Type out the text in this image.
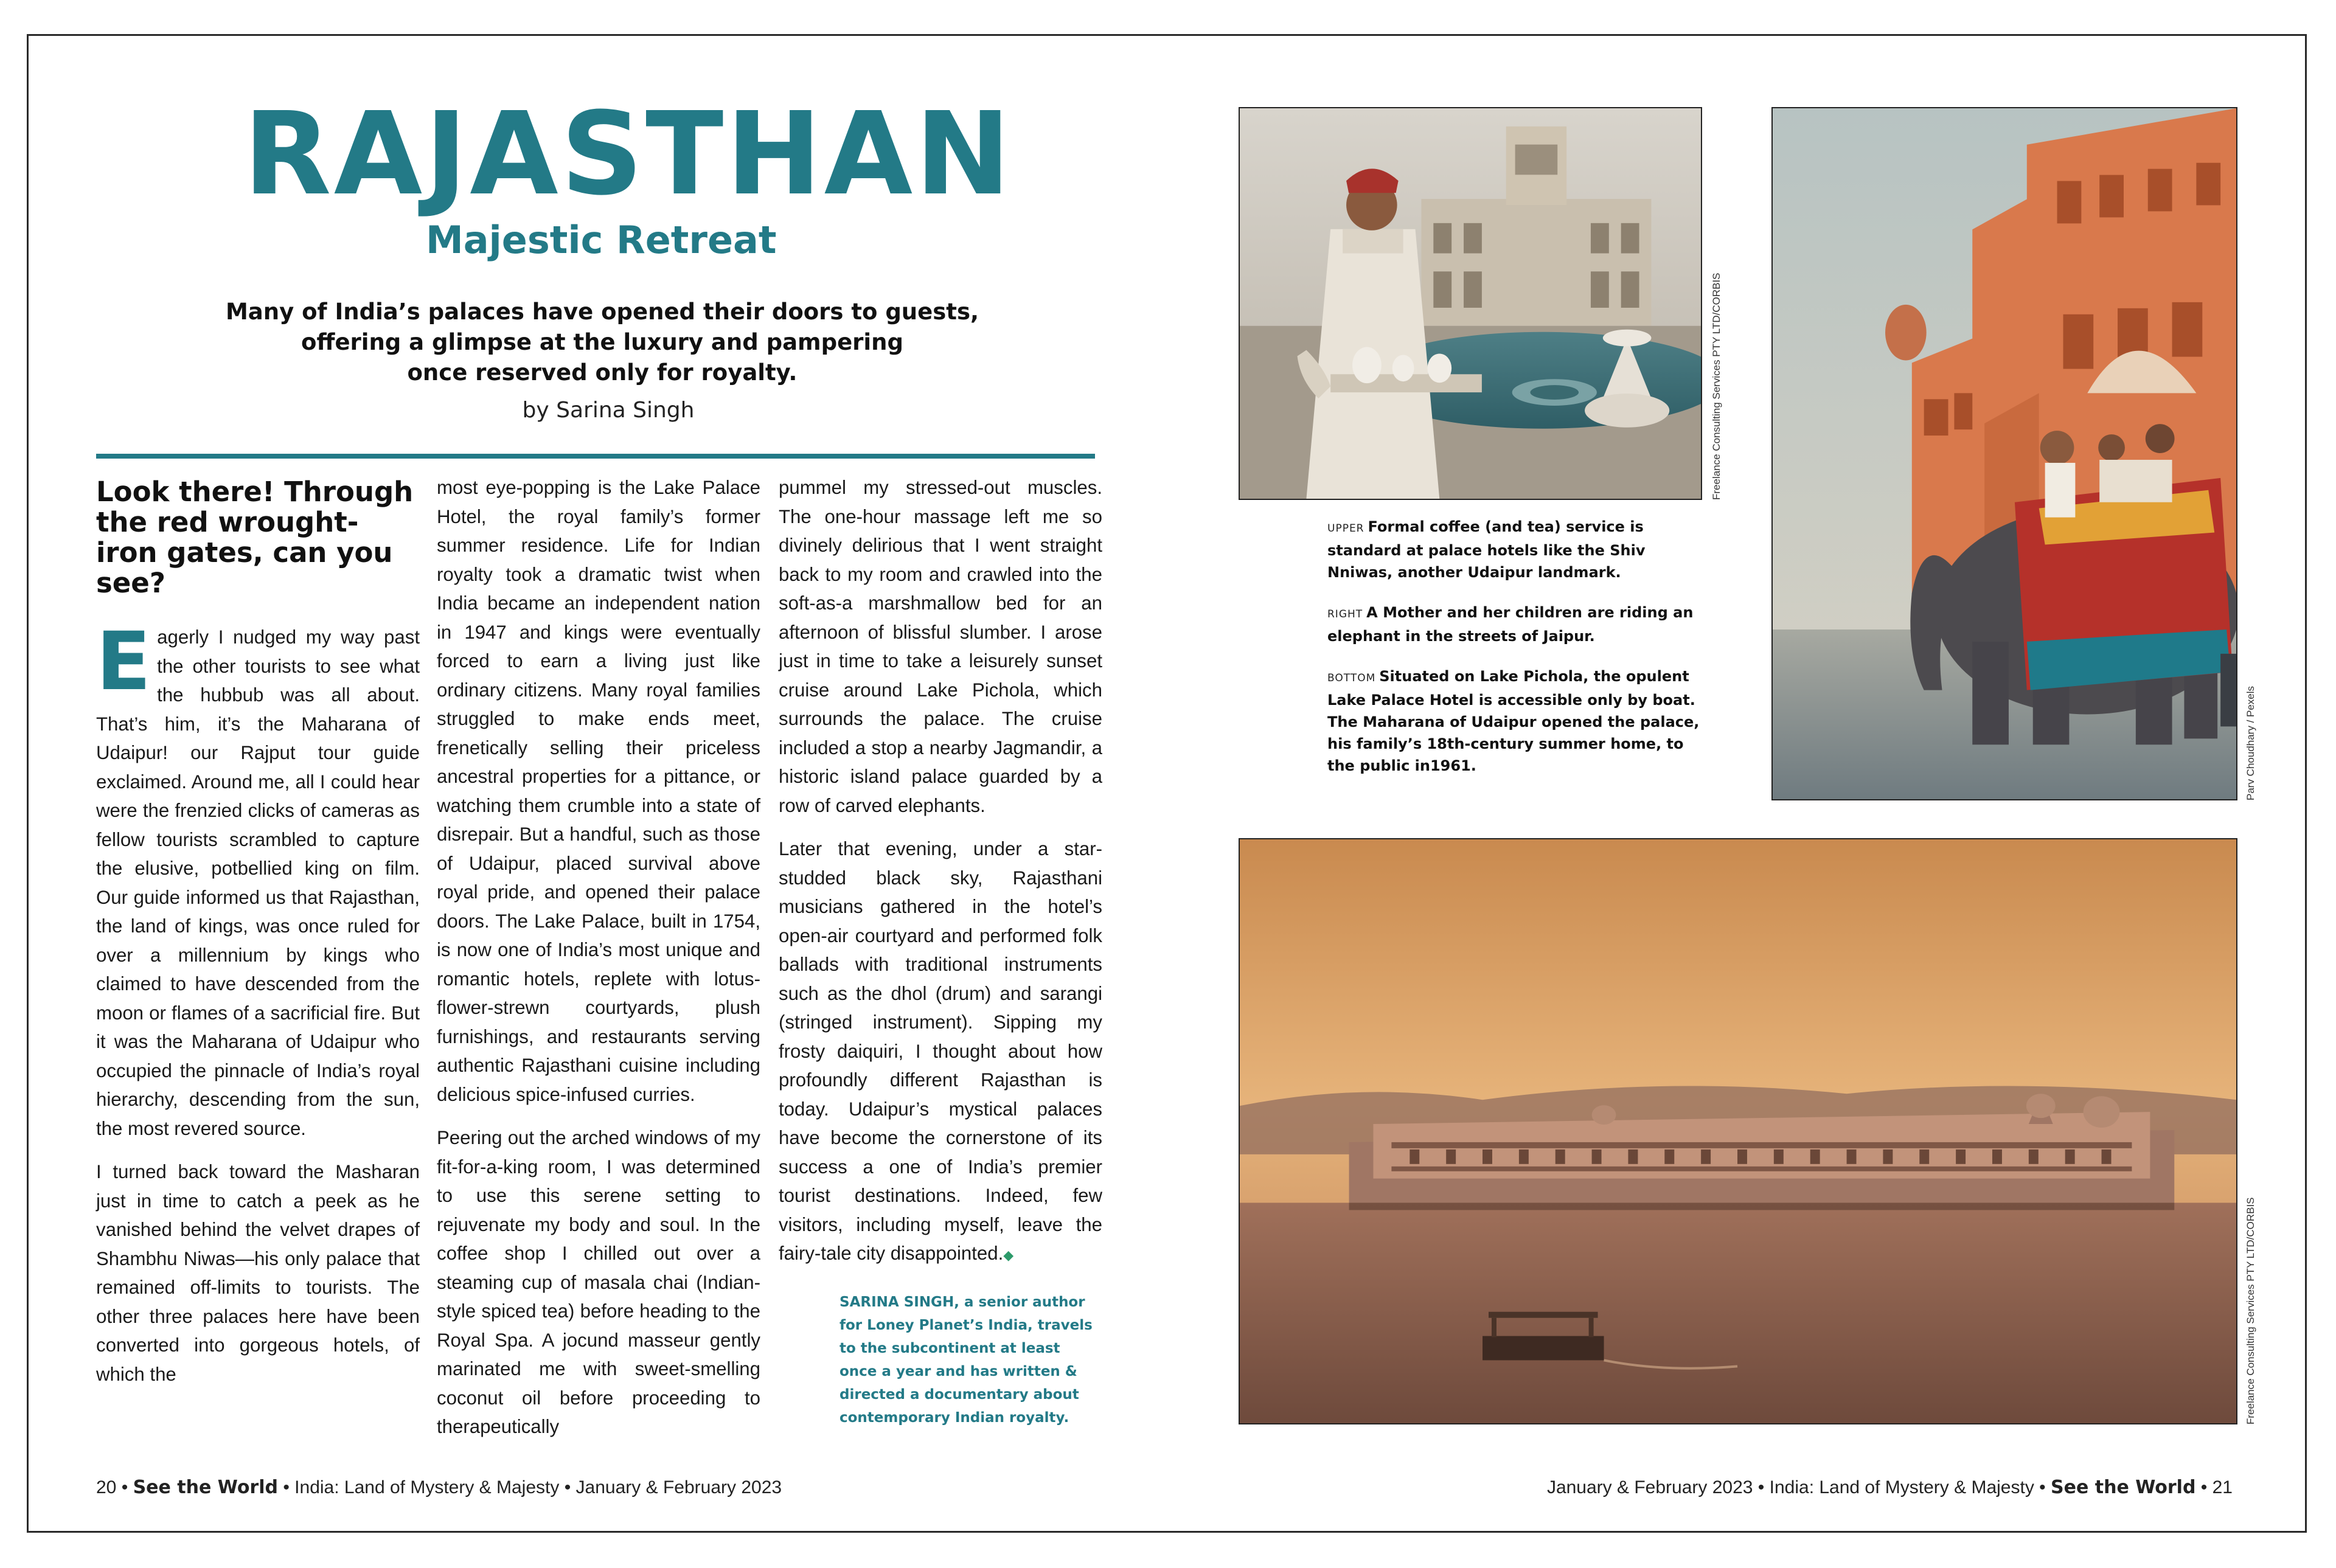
RAJASTHAN
Majestic Retreat
Many of India’s palaces have opened their doors to guests,
offering a glimpse at the luxury and pampering
once reserved only for royalty.
by Sarina Singh
Look there! Through the red wrought-iron gates, can you see?

Eagerly I nudged my way past the other tourists to see what the hubbub was all about. That’s him, it’s the Maharana of Udaipur! our Rajput tour guide exclaimed. Around me, all I could hear were the frenzied clicks of cameras as fellow tourists scrambled to capture the elusive, potbellied king on film. Our guide informed us that Rajasthan, the land of kings, was once ruled for over a millennium by kings who claimed to have descended from the moon or flames of a sacrificial fire. But it was the Maharana of Udaipur who occupied the pinnacle of India’s royal hierarchy, descending from the sun, the most revered source.

I turned back toward the Masharan just in time to catch a peek as he vanished behind the velvet drapes of Shambhu Niwas—his only palace that remained off-limits to tourists. The other three palaces here have been converted into gorgeous hotels, of which the

most eye-popping is the Lake Palace Hotel, the royal family’s former summer residence. Life for Indian royalty took a dramatic twist when India became an independent nation in 1947 and kings were eventually forced to earn a living just like ordinary citizens. Many royal families struggled to make ends meet, frenetically selling their priceless ancestral properties for a pittance, or watching them crumble into a state of disrepair. But a handful, such as those of Udaipur, placed survival above royal pride, and opened their palace doors. The Lake Palace, built in 1754, is now one of India’s most unique and romantic hotels, replete with lotus-flower-strewn courtyards, plush furnishings, and restaurants serving authentic Rajasthani cuisine including delicious spice-infused curries.

Peering out the arched windows of my fit-for-a-king room, I was determined to use this serene setting to rejuvenate my body and soul. In the coffee shop I chilled out over a steaming cup of masala chai (Indian-style spiced tea) before heading to the Royal Spa. A jocund masseur gently marinated me with sweet-smelling coconut oil before proceeding to therapeutically

pummel my stressed-out muscles. The one-hour massage left me so divinely delirious that I went straight back to my room and crawled into the soft-as-a marshmallow bed for an afternoon of blissful slumber. I arose just in time to take a leisurely sunset cruise around Lake Pichola, which surrounds the palace. The cruise included a stop a nearby Jagmandir, a historic island palace guarded by a row of carved elephants.

Later that evening, under a star-studded black sky, Rajasthani musicians gathered in the hotel’s open-air courtyard and performed folk ballads with traditional instruments such as the dhol (drum) and sarangi (stringed instrument). Sipping my frosty daiquiri, I thought about how profoundly different Rajasthan is today. Udaipur’s mystical palaces have become the cornerstone of its success a one of India’s premier tourist destinations. Indeed, few visitors, including myself, leave the fairy-tale city disappointed.◆

SARINA SINGH, a senior author for Loney Planet’s India, travels to the subcontinent at least once a year and has written & directed a documentary about contemporary Indian royalty.
Freelance Consulting Services PTY LTD/CORBIS
Parv Choudhary / Pexels
Freelance Consulting Services PTY LTD/CORBIS

UPPER Formal coffee (and tea) service is standard at palace hotels like the Shiv Nniwas, another Udaipur landmark.

RIGHT A Mother and her children are riding an elephant in the streets of Jaipur.

BOTTOM Situated on Lake Pichola, the opulent Lake Palace Hotel is accessible only by boat. The Maharana of Udaipur opened the palace, his family’s 18th-century summer home, to the public in1961.

20 • See the World • India: Land of Mystery & Majesty • January & February 2023	January & February 2023 • India: Land of Mystery & Majesty • See the World • 21
